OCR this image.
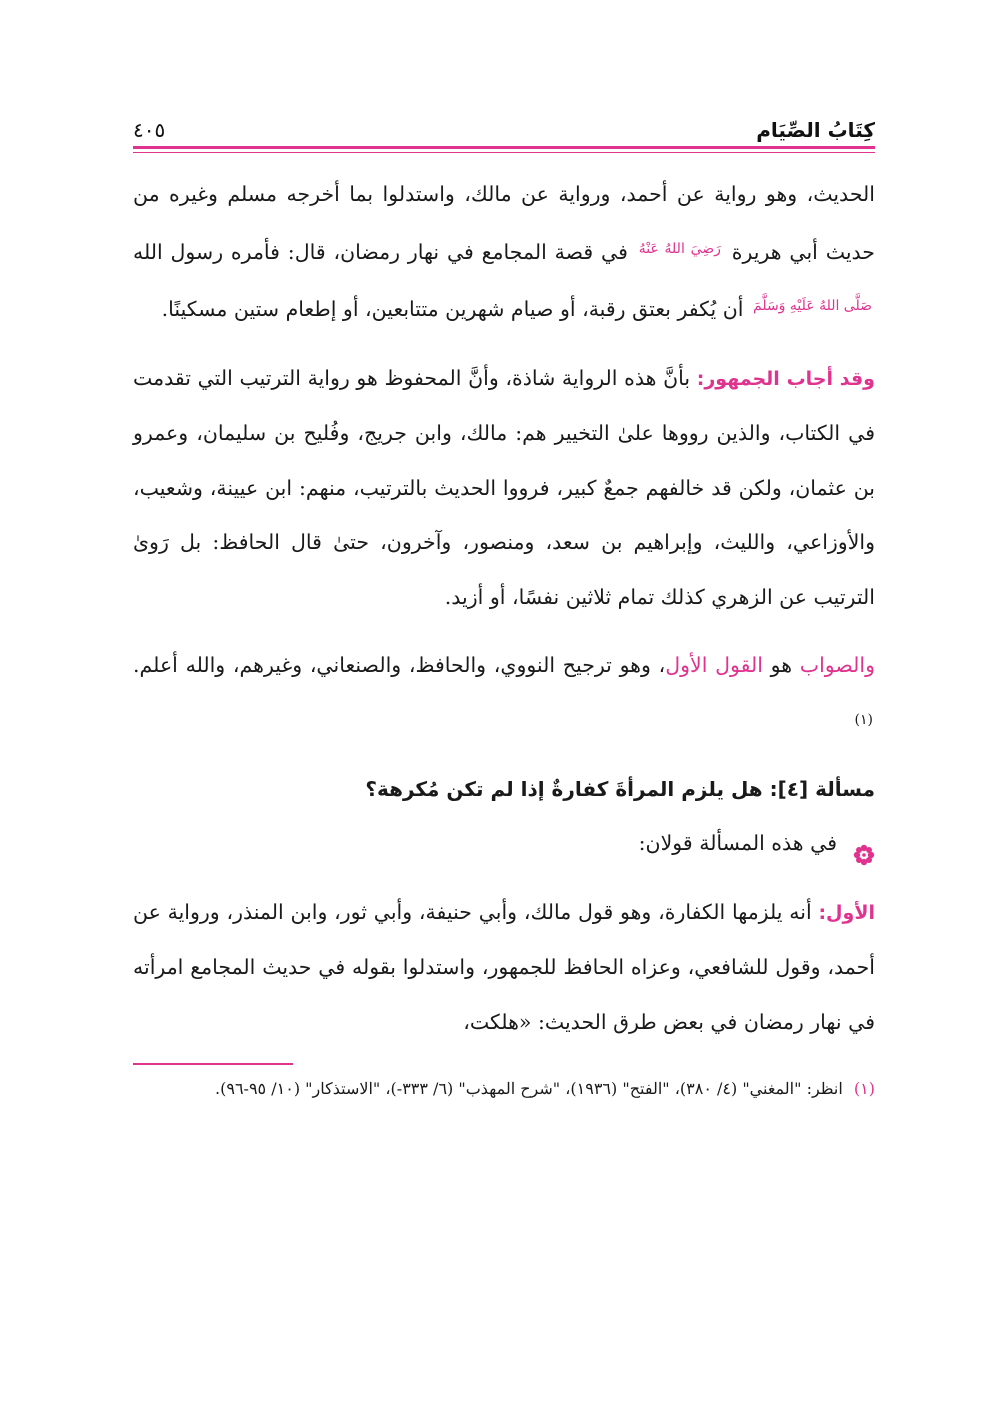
كِتَابُ الصِّيَام
٤٠٥

الحديث، وهو رواية عن أحمد، ورواية عن مالك، واستدلوا بما أخرجه مسلم وغيره من حديث أبي هريرة $^{رَضِيَ اللهُ عَنْهُ}$ في قصة المجامع في نهار رمضان، قال: فأمره رسول الله $^{صَلَّى اللهُ عَلَيْهِ وَسَلَّمَ}$ أن يُكفر بعتق رقبة، أو صيام شهرين متتابعين، أو إطعام ستين مسكينًا.

وقد أجاب الجمهور: بأنَّ هذه الرواية شاذة، وأنَّ المحفوظ هو رواية الترتيب التي تقدمت في الكتاب، والذين رووها علىٰ التخيير هم: مالك، وابن جريج، وفُليح بن سليمان، وعمرو بن عثمان، ولكن قد خالفهم جمعٌ كبير، فرووا الحديث بالترتيب، منهم: ابن عيينة، وشعيب، والأوزاعي، والليث، وإبراهيم بن سعد، ومنصور، وآخرون، حتىٰ قال الحافظ: بل رَوىٰ الترتيب عن الزهري كذلك تمام ثلاثين نفسًا، أو أزيد.

والصواب هو القول الأول، وهو ترجيح النووي، والحافظ، والصنعاني، وغيرهم، والله أعلم.$^{(١)}$

مسألة [٤]: هل يلزم المرأةَ كفارةٌ إذا لم تكن مُكرهة؟

في هذه المسألة قولان:

الأول: أنه يلزمها الكفارة، وهو قول مالك، وأبي حنيفة، وأبي ثور، وابن المنذر، ورواية عن أحمد، وقول للشافعي، وعزاه الحافظ للجمهور، واستدلوا بقوله في حديث المجامع امرأته في نهار رمضان في بعض طرق الحديث: «هلكت،

(١) انظر: "المغني" (٤/ ٣٨٠)، "الفتح" (١٩٣٦)، "شرح المهذب" (٦/ ٣٣٣-)، "الاستذكار" (١٠/ ٩٥-٩٦).
